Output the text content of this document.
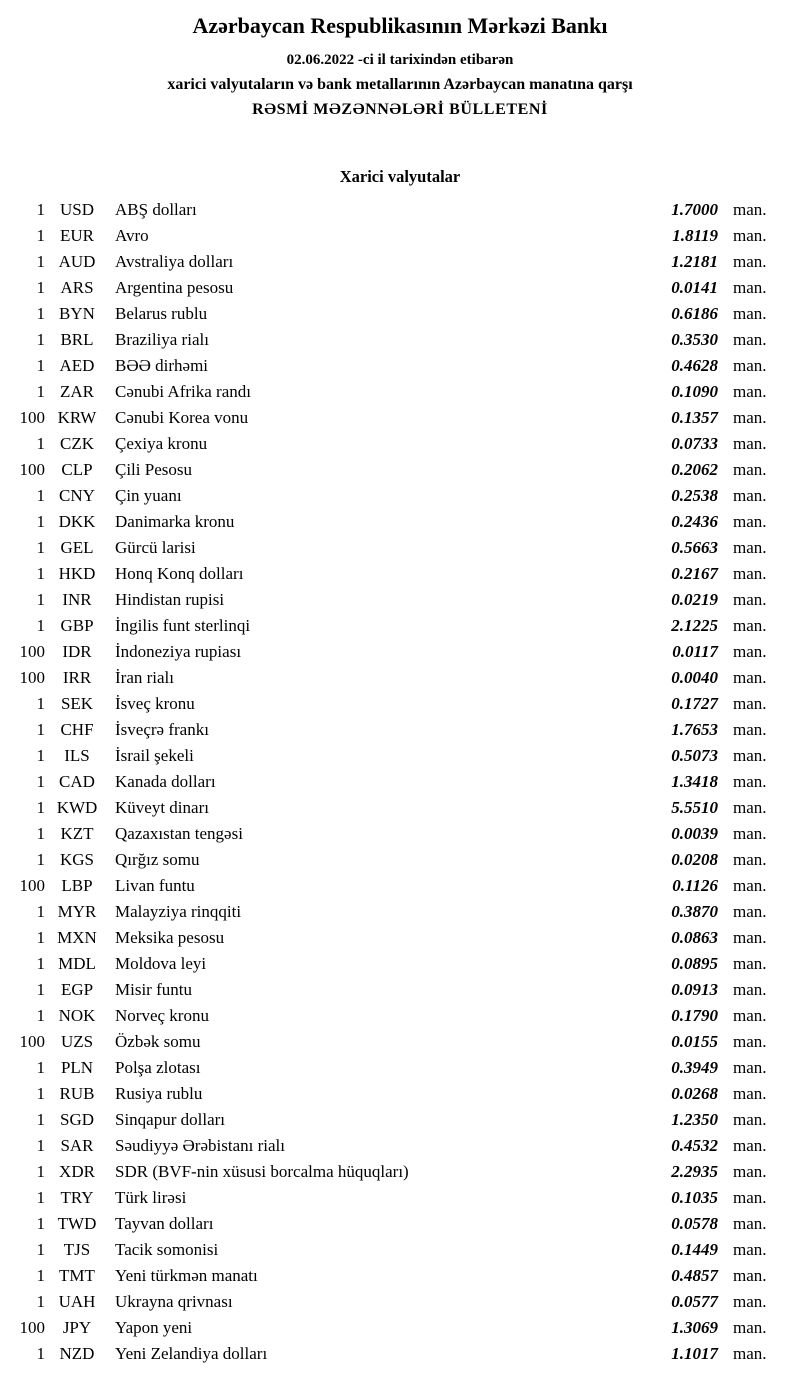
Azərbaycan Respublikasının Mərkəzi Bankı

02.06.2022 -ci il tarixindən etibarən

xarici valyutaların və bank metallarının Azərbaycan manatına qarşı

RƏSMİ MƏZƏNNƏLƏRİ BÜLLETENİ

Xarici valyutalar
1 USD	ABŞ dolları	1.7000 man.
1 EUR	Avro	1.8119 man.
1 AUD	Avstraliya dolları	1.2181 man.
1 ARS	Argentina pesosu	0.0141 man.
1 BYN	Belarus rublu	0.6186 man.
1 BRL	Braziliya rialı	0.3530 man.
1 AED	BƏƏ dirhəmi	0.4628 man.
1 ZAR	Cənubi Afrika randı	0.1090 man.
100 KRW	Cənubi Korea vonu	0.1357 man.
1 CZK	Çexiya kronu	0.0733 man.
100 CLP	Çili Pesosu	0.2062 man.
1 CNY	Çin yuanı	0.2538 man.
1 DKK	Danimarka kronu	0.2436 man.
1 GEL	Gürcü larisi	0.5663 man.
1 HKD	Honq Konq dolları	0.2167 man.
1	INR	Hindistan rupisi	0.0219 man.
1 GBP	İngilis funt sterlinqi	2.1225 man.
100	IDR	İndoneziya rupiası	0.0117 man.
100	IRR	İran rialı	0.0040 man.
1 SEK	İsveç kronu	0.1727 man.
1 CHF	İsveçrə frankı	1.7653 man.
1	ILS	İsrail şekeli	0.5073 man.
1 CAD	Kanada dolları	1.3418 man.
1 KWD	Küveyt dinarı	5.5510 man.
1 KZT	Qazaxıstan tengəsi	0.0039 man.
1 KGS	Qırğız somu	0.0208 man.
100 LBP	Livan funtu	0.1126 man.
1 MYR	Malayziya rinqqiti	0.3870 man.
1 MXN	Meksika pesosu	0.0863 man.
1 MDL	Moldova leyi	0.0895 man.
1 EGP	Misir funtu	0.0913 man.
1 NOK	Norveç kronu	0.1790 man.
100 UZS	Özbək somu	0.0155 man.
1 PLN	Polşa zlotası	0.3949 man.
1 RUB	Rusiya rublu	0.0268 man.
1 SGD	Sinqapur dolları	1.2350 man.
1 SAR	Səudiyyə Ərəbistanı rialı	0.4532 man.
1 XDR	SDR (BVF-nin xüsusi borcalma hüquqları)	2.2935 man.
1 TRY	Türk lirəsi	0.1035 man.
1 TWD	Tayvan dolları	0.0578 man.
1	TJS	Tacik somonisi	0.1449 man.
1 TMT	Yeni türkmən manatı	0.4857 man.
1 UAH	Ukrayna qrivnası	0.0577 man.
100	JPY	Yapon yeni	1.3069 man.
1 NZD	Yeni Zelandiya dolları	1.1017 man.
